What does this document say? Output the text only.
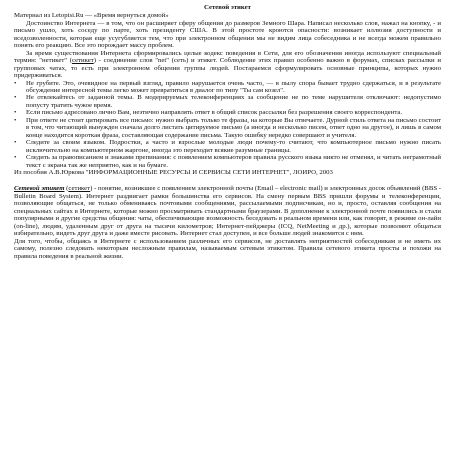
Сетевой этикет

Материал из Letopisi.Ru — «Время вернуться домой»

Достоинство Интернета — в том, что он расширяет сферу общения до размеров Земного Шара. Написал несколько слов, нажал на кнопку, - и письмо ушло, хоть соседу по парте, хоть президенту США. В этой простоте кроются опасности: возникает иллюзия доступности и вседозволенности, которая еще усугубляется тем, что при электронном общении мы не видим лица собеседника и не всегда можем правильно понять его реакцию. Все это порождает массу проблем.

За время существования Интернета сформировались целые кодекс поведения в Сети, для его обозначения иногда используют специальный термин: "нетикет" (сетикет) - соединение слов "net" (сеть) и этикет. Соблюдение этих правил особенно важно в форумах, списках рассылки и групповых чатах, то есть при электронном общении группы людей. Постараемся сформулировать основные принципы, которых нужно придерживаться.

• Не грубите. Это, очевидное на первый взгляд, правило нарушается очень часто, — в пылу спора бывает трудно сдержаться, и в результате обсуждение интересной темы легко может превратиться в диалог по типу "Ты сам козел".
• Не отвлекайтесь от заданной темы. В модерируемых телеконференциях за сообщение не по теме нарушителя отключают: недопустимо попусту тратить чужое время.
• Если письмо адресовано лично Вам, неэтично направлять ответ в общий список рассылки без разрешения своего корреспондента.
• При ответе не стоит цитировать все письмо: нужно выбрать только те фразы, на которые Вы отвечаете. Дурной стиль ответа на письмо состоит в том, что читающий вынужден сначала долго листать цитируемое письмо (а иногда и несколько писем, ответ одно на другое), и лишь в самом конце находится короткая фраза, составляющая содержание письма. Такую ошибку нередко совершают и учителя.
• Следите за своим языком. Подростки, а часто и взрослые молодые люди почему-то считают, что компьютерное письмо нужно писать исключительно на компьютерном жаргоне, иногда это переходит всякие разумные границы.
• Следить за правописанием и знаками препинания: с появлением компьютеров правила русского языка никто не отменял, и читать неграмотный текст с экрана так же неприятно, как и на бумаге.

Из пособия А.В.Юркова "ИНФОРМАЦИОННЫЕ РЕСУРСЫ И СЕРВИСЫ СЕТИ ИНТЕРНЕТ", ЛОИРО, 2003

Сетевой этикет (сетикет) - понятие, возникшее с появлением электронной почты (Email – electronic mail) и электронных досок объявлений (BBS - Bulletin Board System). Интернет раздвигает рамки большинства его сервисов. На смену первым BBS пришли форумы и телеконференции, позволяющие общаться, не только обмениваясь почтовыми сообщениями, рассылаемыми подписчикам, но и, просто, оставляя сообщения на специальных сайтах в Интернете, которые можно просматривать стандартными браузерами. В дополнение к электронной почте появились и стали популярными и другие средства общения: чаты, обеспечивающие возможность беседовать в реальном времени или, как говорят, в режиме он-лайн (on-line), людям, удаленным друг от друга на тысячи километров; Интернет-пейджеры (ICQ, NetMeeting и др.), которые позволяют общаться избирательно, видеть друг друга и даже вместе рисовать. Интернет стал доступен, и все больше людей знакомятся с ним.

Для того, чтобы, общаясь в Интернете с использованием различных его сервисов, не доставлять неприятностей собеседникам и не иметь их самому, полезно следовать некоторым несложным правилам, называемым сетевым этикетом. Правила сетевого этикета просты и похожи на правила поведения в реальной жизни.
